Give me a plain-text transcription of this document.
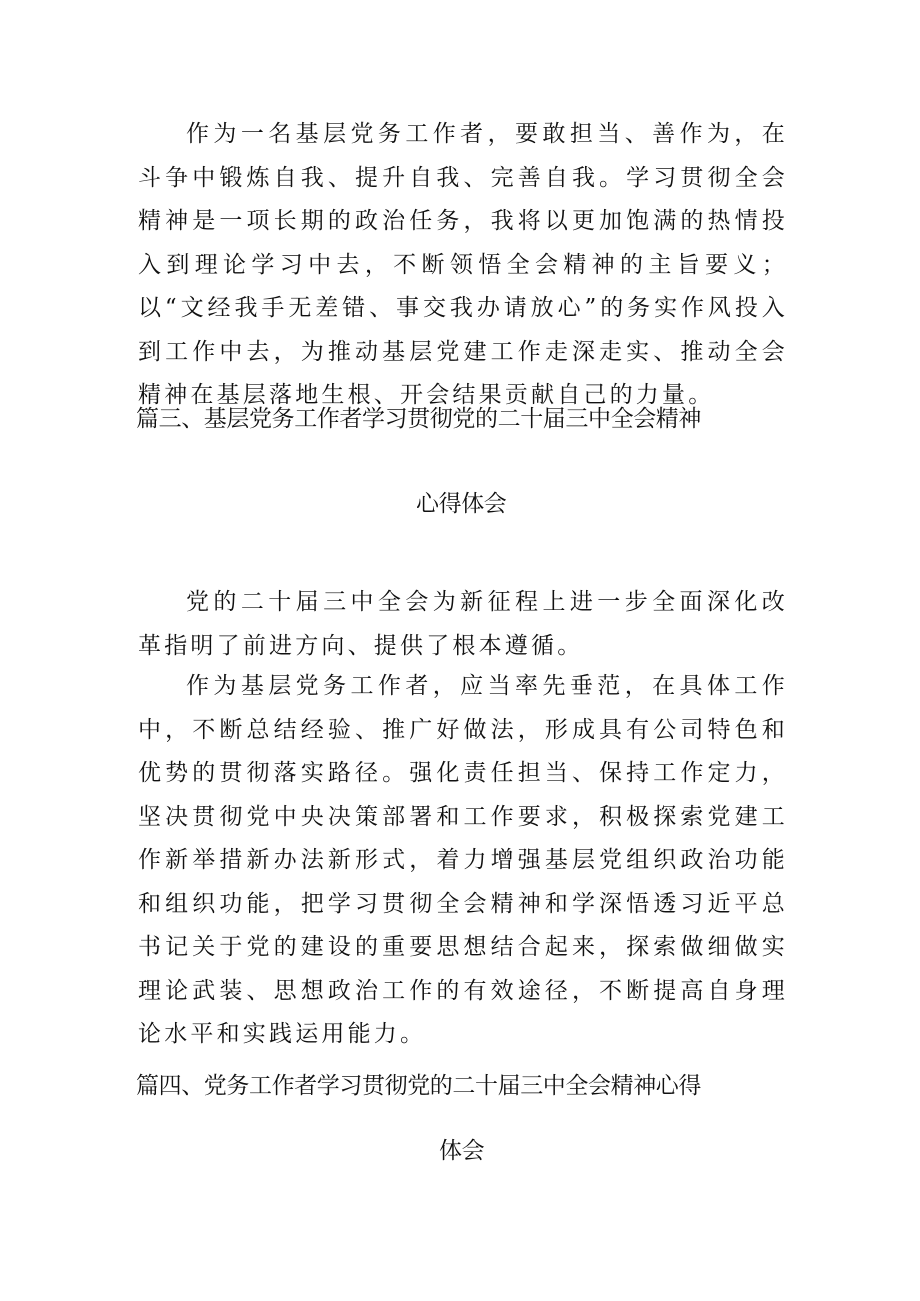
作为一名基层党务工作者，要敢担当、善作为，在斗争中锻炼自我、提升自我、完善自我。学习贯彻全会精神是一项长期的政治任务，我将以更加饱满的热情投入到理论学习中去，不断领悟全会精神的主旨要义；以“文经我手无差错、事交我办请放心”的务实作风投入到工作中去，为推动基层党建工作走深走实、推动全会精神在基层落地生根、开会结果贡献自己的力量。

篇三、基层党务工作者学习贯彻党的二十届三中全会精神
心得体会

党的二十届三中全会为新征程上进一步全面深化改革指明了前进方向、提供了根本遵循。

作为基层党务工作者，应当率先垂范，在具体工作中，不断总结经验、推广好做法，形成具有公司特色和优势的贯彻落实路径。强化责任担当、保持工作定力，坚决贯彻党中央决策部署和工作要求，积极探索党建工作新举措新办法新形式，着力增强基层党组织政治功能和组织功能，把学习贯彻全会精神和学深悟透习近平总书记关于党的建设的重要思想结合起来，探索做细做实理论武装、思想政治工作的有效途径，不断提高自身理论水平和实践运用能力。

篇四、党务工作者学习贯彻党的二十届三中全会精神心得
体会
